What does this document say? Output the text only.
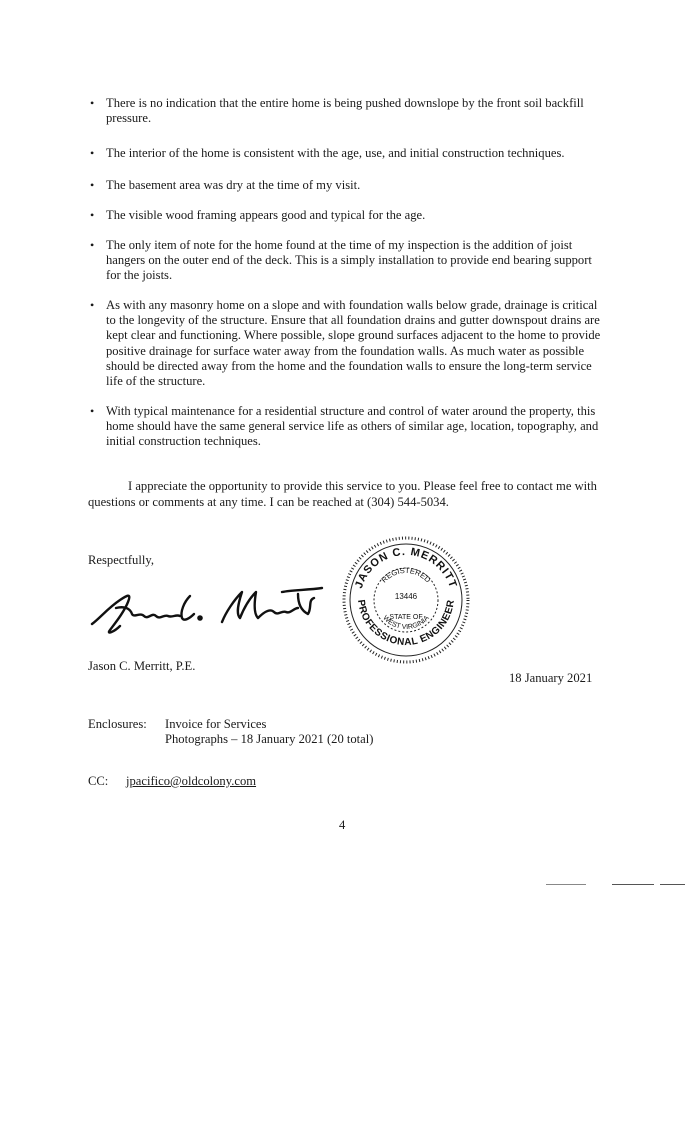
• There is no indication that the entire home is being pushed downslope by the front soil backfill pressure.
• The interior of the home is consistent with the age, use, and initial construction techniques.
• The basement area was dry at the time of my visit.
• The visible wood framing appears good and typical for the age.
• The only item of note for the home found at the time of my inspection is the addition of joist hangers on the outer end of the deck. This is a simply installation to provide end bearing support for the joists.
• As with any masonry home on a slope and with foundation walls below grade, drainage is critical to the longevity of the structure. Ensure that all foundation drains and gutter downspout drains are kept clear and functioning. Where possible, slope ground surfaces adjacent to the home to provide positive drainage for surface water away from the foundation walls. As much water as possible should be directed away from the home and the foundation walls to ensure the long-term service life of the structure.
• With typical maintenance for a residential structure and control of water around the property, this home should have the same general service life as others of similar age, location, topography, and initial construction techniques.
I appreciate the opportunity to provide this service to you. Please feel free to contact me with questions or comments at any time. I can be reached at (304) 544-5034.
Respectfully,
Jason C. Merritt, P.E.
JASON C. MERRITT
PROFESSIONAL ENGINEER
REGISTERED
WEST VIRGINIA
13446
STATE OF
18 January 2021
Enclosures: Invoice for Services
Photographs – 18 January 2021 (20 total)
CC: jpacifico@oldcolony.com
4
